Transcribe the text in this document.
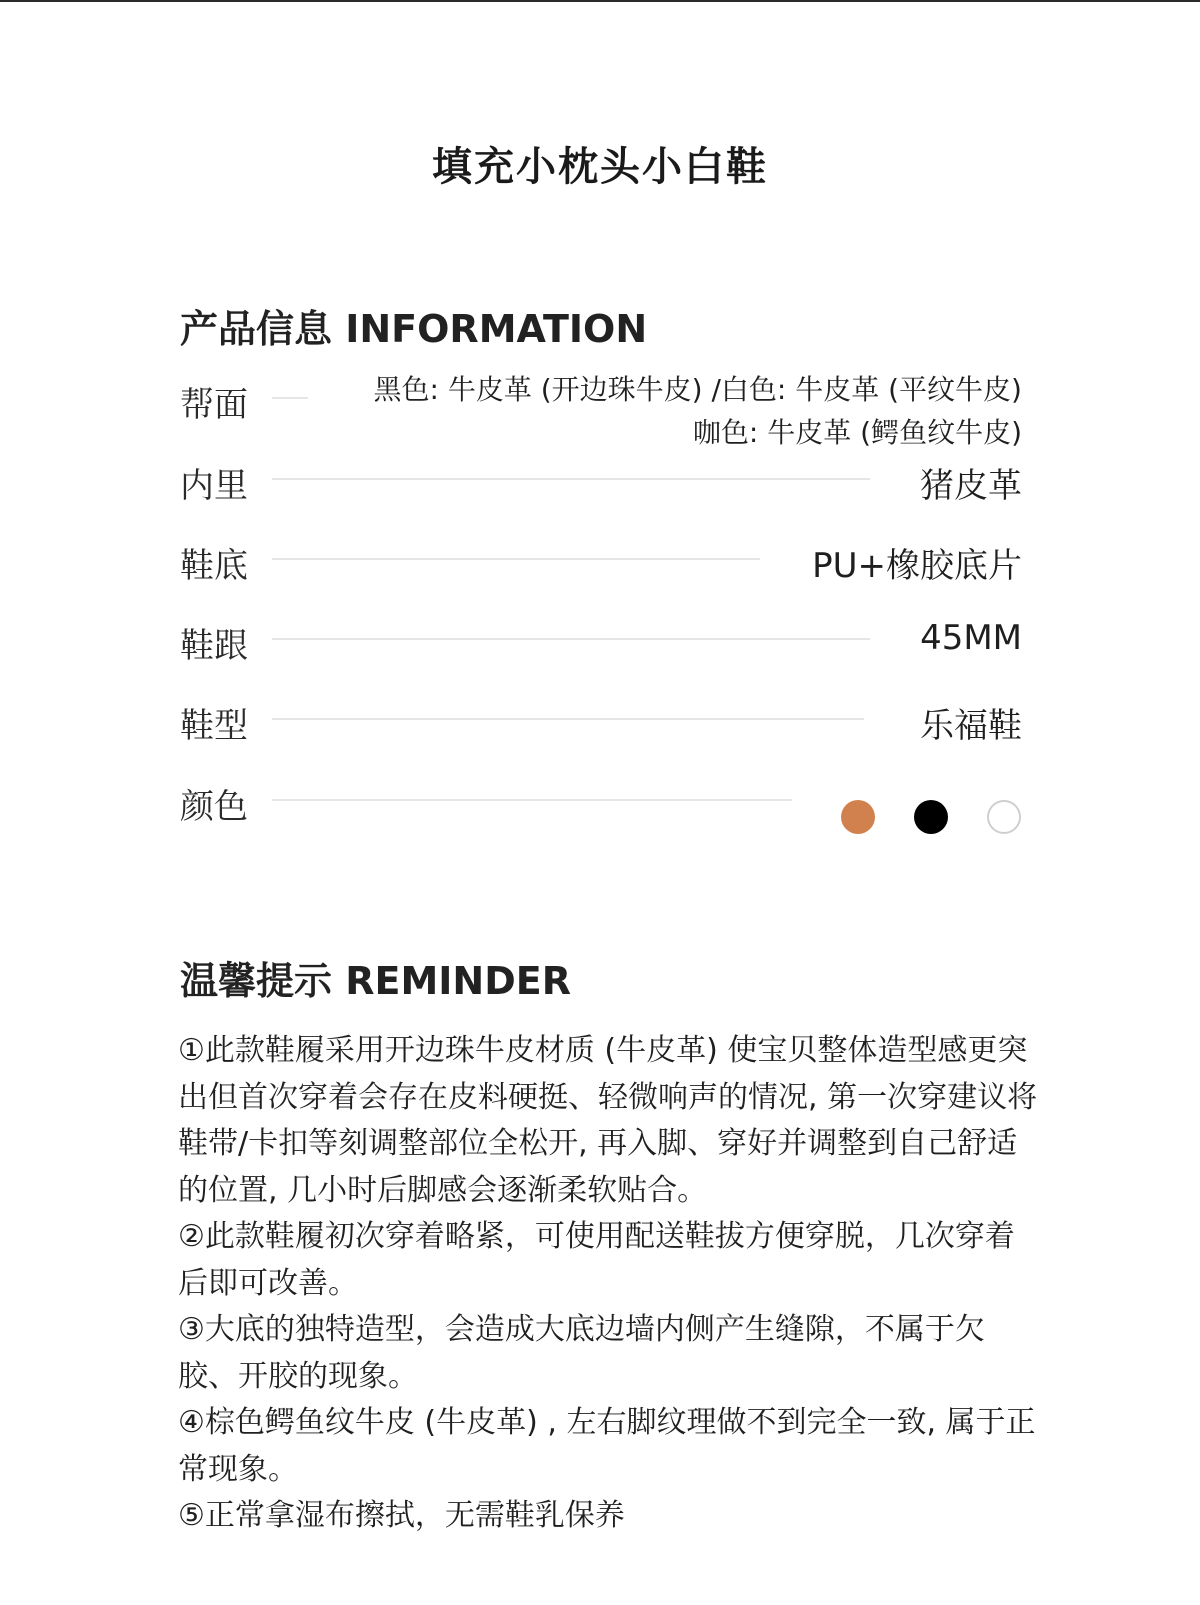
填充小枕头小白鞋
产品信息 INFORMATION
帮面	黑色: 牛皮革 (开边珠牛皮) /白色: 牛皮革 (平纹牛皮)
咖色: 牛皮革 (鳄鱼纹牛皮)
内里	猪皮革
鞋底	PU+橡胶底片
鞋跟	45MM
鞋型	乐福鞋
颜色
温馨提示 REMINDER
①此款鞋履采用开边珠牛皮材质 (牛皮革) 使宝贝整体造型感更突出但首次穿着会存在皮料硬挺、轻微响声的情况, 第一次穿建议将鞋带/卡扣等刻调整部位全松开, 再入脚、穿好并调整到自己舒适的位置, 几小时后脚感会逐渐柔软贴合。
②此款鞋履初次穿着略紧，可使用配送鞋拔方便穿脱，几次穿着后即可改善。
③大底的独特造型，会造成大底边墙内侧产生缝隙，不属于欠胶、开胶的现象。
④棕色鳄鱼纹牛皮 (牛皮革) , 左右脚纹理做不到完全一致, 属于正常现象。
⑤正常拿湿布擦拭，无需鞋乳保养
